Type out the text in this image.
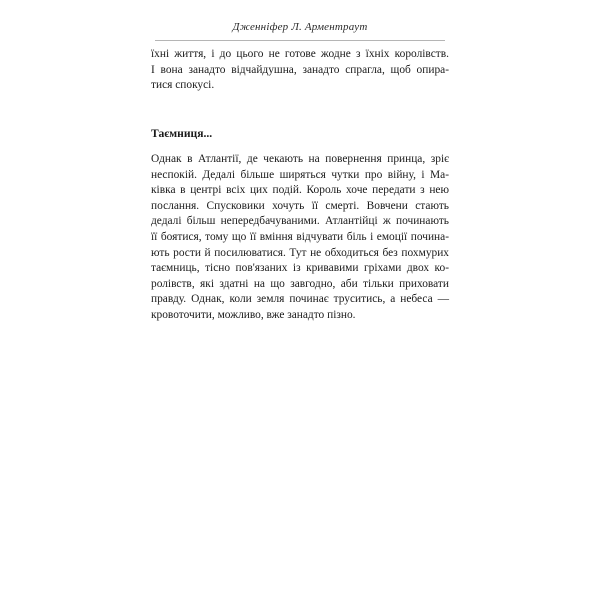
Дженніфер Л. Арментраут
їхні життя, і до цього не готове жодне з їхніх королівств.
І вона занадто відчайдушна, занадто спрагла, щоб опира-
тися спокусі.
Таємниця...
Однак в Атлантії, де чекають на повернення принца, зріє
неспокій. Дедалі більше ширяться чутки про війну, і Ма-
ківка в центрі всіх цих подій. Король хоче передати з нею
послання. Спусковики хочуть її смерті. Вовчени стають
дедалі більш непередбачуваними. Атлантійці ж починають
її боятися, тому що її вміння відчувати біль і емоції почина-
ють рости й посилюватися. Тут не обходиться без похмурих
таємниць, тісно пов'язаних із кривавими гріхами двох ко-
ролівств, які здатні на що завгодно, аби тільки приховати
правду. Однак, коли земля починає труситись, а небеса —
кровоточити, можливо, вже занадто пізно.
